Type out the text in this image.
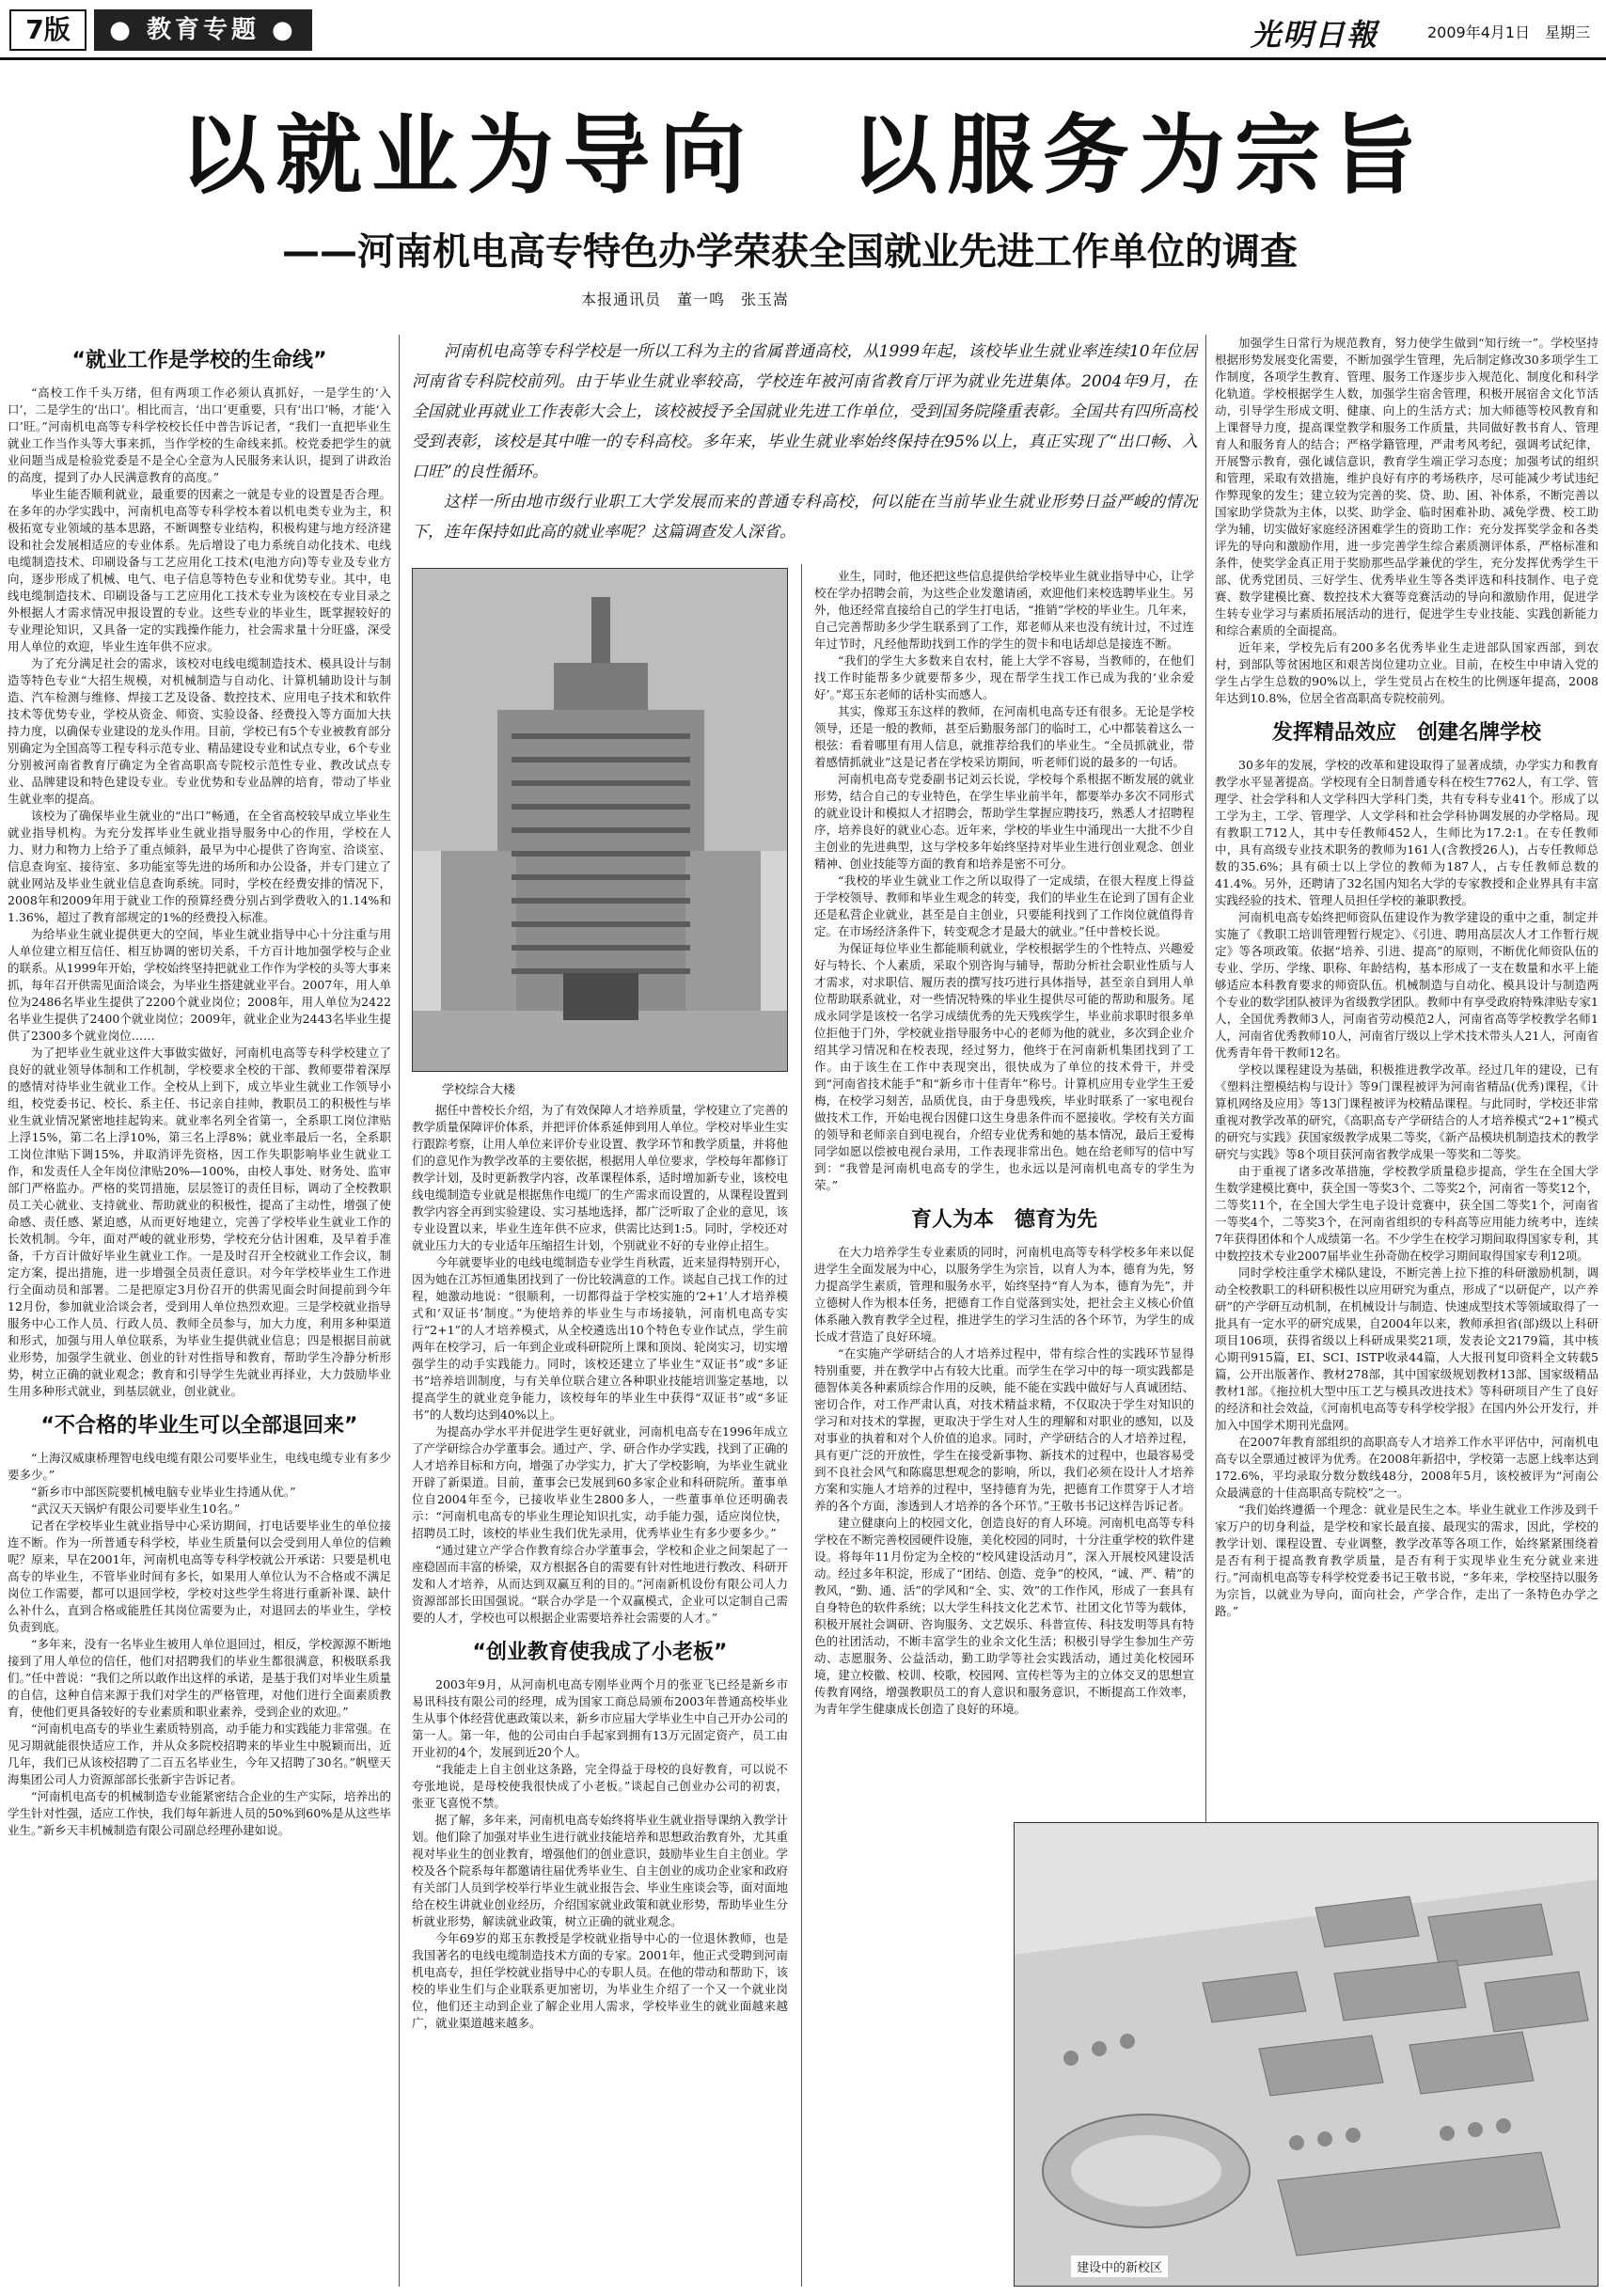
7版	● 教育专题 ●	光明日報	2009年4月1日　星期三
以就业为导向　以服务为宗旨
——河南机电高专特色办学荣获全国就业先进工作单位的调查
本报通讯员　董一鸣　张玉嵩

河南机电高等专科学校是一所以工科为主的省属普通高校，从1999年起，该校毕业生就业率连续10年位居河南省专科院校前列。由于毕业生就业率较高，学校连年被河南省教育厅评为就业先进集体。2004年9月，在全国就业再就业工作表彰大会上，该校被授予全国就业先进工作单位，受到国务院隆重表彰。全国共有四所高校受到表彰，该校是其中唯一的专科高校。多年来，毕业生就业率始终保持在95%以上，真正实现了“出口畅、入口旺”的良性循环。

这样一所由地市级行业职工大学发展而来的普通专科高校，何以能在当前毕业生就业形势日益严峻的情况下，连年保持如此高的就业率呢？这篇调查发人深省。

“就业工作是学校的生命线”

“高校工作千头万绪，但有两项工作必须认真抓好，一是学生的‘入口’，二是学生的‘出口’。相比而言，‘出口’更重要，只有‘出口’畅，才能‘入口’旺。”河南机电高等专科学校校长任中普告诉记者，“我们一直把毕业生就业工作当作头等大事来抓，当作学校的生命线来抓。校党委把学生的就业问题当成是检验党委是不是全心全意为人民服务来认识，提到了讲政治的高度，提到了办人民满意教育的高度。”

毕业生能否顺利就业，最重要的因素之一就是专业的设置是否合理。在多年的办学实践中，河南机电高等专科学校本着以机电类专业为主，积极拓宽专业领域的基本思路，不断调整专业结构，积极构建与地方经济建设和社会发展相适应的专业体系。先后增设了电力系统自动化技术、电线电缆制造技术、印刷设备与工艺应用化工技术(电池方向)等专业及专业方向，逐步形成了机械、电气、电子信息等特色专业和优势专业。其中，电线电缆制造技术、印刷设备与工艺应用化工技术专业为该校在专业目录之外根据人才需求情况申报设置的专业。这些专业的毕业生，既掌握较好的专业理论知识，又具备一定的实践操作能力，社会需求量十分旺盛，深受用人单位的欢迎，毕业生连年供不应求。

为了充分满足社会的需求，该校对电线电缆制造技术、模具设计与制造等特色专业“大招生规模，对机械制造与自动化、计算机辅助设计与制造、汽车检测与维修、焊接工艺及设备、数控技术、应用电子技术和软件技术等优势专业，学校从资金、师资、实验设备、经费投入等方面加大扶持力度，以确保专业建设的龙头作用。目前，学校已有5个专业被教育部分别确定为全国高等工程专科示范专业、精品建设专业和试点专业，6个专业分别被河南省教育厅确定为全省高职高专院校示范性专业、教改试点专业、品牌建设和特色建设专业。专业优势和专业品牌的培育，带动了毕业生就业率的提高。

该校为了确保毕业生就业的“出口”畅通，在全省高校较早成立毕业生就业指导机构。为充分发挥毕业生就业指导服务中心的作用，学校在人力、财力和物力上给予了重点倾斜，最早为中心提供了咨询室、洽谈室、信息查询室、接待室、多功能室等先进的场所和办公设备，并专门建立了就业网站及毕业生就业信息查询系统。同时，学校在经费安排的情况下，2008年和2009年用于就业工作的预算经费分别占到学费收入的1.14%和1.36%，超过了教育部规定的1%的经费投入标准。

为给毕业生就业提供更大的空间，毕业生就业指导中心十分注重与用人单位建立相互信任、相互协调的密切关系，千方百计地加强学校与企业的联系。从1999年开始，学校始终坚持把就业工作作为学校的头等大事来抓，每年召开供需见面洽谈会，为毕业生搭建就业平台。2007年，用人单位为2486名毕业生提供了2200个就业岗位；2008年，用人单位为2422名毕业生提供了2400个就业岗位；2009年，就业企业为2443名毕业生提供了2300多个就业岗位……

为了把毕业生就业这件大事做实做好，河南机电高等专科学校建立了良好的就业领导体制和工作机制，学校要求全校的干部、教师要带着深厚的感情对待毕业生就业工作。全校从上到下，成立毕业生就业工作领导小组，校党委书记、校长、系主任、书记亲自挂帅，教职员工的积极性与毕业生就业情况紧密地挂起钩来。就业率名列全省第一，全系职工岗位津贴上浮15%，第二名上浮10%，第三名上浮8%；就业率最后一名，全系职工岗位津贴下调15%，并取消评先资格，因工作失职影响毕业生就业工作，和发责任人全年岗位津贴20%—100%，由校人事处、财务处、监审部门严格监办。严格的奖罚措施，层层签订的责任目标，调动了全校教职员工关心就业、支持就业、帮助就业的积极性，提高了主动性，增强了使命感、责任感、紧迫感，从而更好地建立，完善了学校毕业生就业工作的长效机制。今年，面对严峻的就业形势，学校充分估计困难，及早着手准备，千方百计做好毕业生就业工作。一是及时召开全校就业工作会议，制定方案，提出措施，进一步增强全员责任意识。对今年学校毕业生工作进行全面动员和部署。二是把原定3月份召开的供需见面会时间提前到今年12月份，参加就业洽谈会者，受到用人单位热烈欢迎。三是学校就业指导服务中心工作人员、行政人员、教师全员参与，加大力度，利用多种渠道和形式，加强与用人单位联系，为毕业生提供就业信息；四是根据目前就业形势，加强学生就业、创业的针对性指导和教育，帮助学生冷静分析形势，树立正确的就业观念；教育和引导学生先就业再择业，大力鼓励毕业生用多种形式就业，到基层就业，创业就业。

“不合格的毕业生可以全部退回来”

“上海汉威康桥理智电线电缆有限公司要毕业生，电线电缆专业有多少要多少。”

“新乡市中部医院要机械电脑专业毕业生持通从优。”

“武汉天天锅炉有限公司要毕业生10名。”

记者在学校毕业生就业指导中心采访期间，打电话要毕业生的单位接连不断。作为一所普通专科学校，毕业生质量何以会受到用人单位的信赖呢？原来，早在2001年，河南机电高等专科学校就公开承诺：只要是机电高专的毕业生，不管毕业时间有多长，如果用人单位认为不合格或不满足岗位工作需要，都可以退回学校，学校对这些学生将进行重新补课、缺什么补什么，直到合格或能胜任其岗位需要为止，对退回去的毕业生，学校负责到底。

“多年来，没有一名毕业生被用人单位退回过，相反，学校源源不断地接到了用人单位的信任，他们对招聘我们的毕业生都很满意，积极联系我们。”任中普说：“我们之所以敢作出这样的承诺，是基于我们对毕业生质量的自信，这种自信来源于我们对学生的严格管理，对他们进行全面素质教育，使他们更具备较好的专业素质和职业素养，受到企业的欢迎。”

“河南机电高专的毕业生素质特别高，动手能力和实践能力非常强。在见习期就能很快适应工作，并从众多院校招聘来的毕业生中脱颖而出，近几年，我们已从该校招聘了二百五名毕业生，今年又招聘了30名。”帆壁天海集团公司人力资源部部长张新宇告诉记者。

“河南机电高专的机械制造专业能紧密结合企业的生产实际，培养出的学生针对性强，适应工作快，我们每年新进人员的50%到60%是从这些毕业生。”新乡天丰机械制造有限公司副总经理孙建如说。

学校综合大楼

据任中普校长介绍，为了有效保障人才培养质量，学校建立了完善的教学质量保障评价体系，并把评价体系延伸到用人单位。学校对毕业生实行跟踪考察，让用人单位来评价专业设置、教学环节和教学质量，并将他们的意见作为教学改革的主要依据，根据用人单位要求，学校每年都修订教学计划，及时更新教学内容，改革课程体系，适时增加新专业，该校电线电缆制造专业就是根据焦作电缆厂的生产需求而设置的，从课程设置到教学内容全再到实验建设、实习基地选择，都广泛听取了企业的意见，该专业设置以来，毕业生连年供不应求，供需比达到1:5。同时，学校还对就业压力大的专业适年压缩招生计划，个别就业不好的专业停止招生。

今年就要毕业的电线电缆制造专业学生肖秋霞，近来显得特别开心，因为她在江苏恒通集团找到了一份比较满意的工作。谈起自己找工作的过程，她激动地说：“很顺利，一切都得益于学校实施的‘2+1’人才培养模式和‘双证书’制度。”为使培养的毕业生与市场接轨，河南机电高专实行“2+1”的人才培养模式，从全校遴选出10个特色专业作试点，学生前两年在校学习，后一年到企业或科研院所上课和顶岗、轮岗实习，切实增强学生的动手实践能力。同时，该校还建立了毕业生“双证书”或“多证书”培养培训制度，与有关单位联合建立各种职业技能培训鉴定基地，以提高学生的就业竞争能力，该校每年的毕业生中获得“双证书”或“多证书”的人数均达到40%以上。

为提高办学水平并促进学生更好就业，河南机电高专在1996年成立了产学研综合办学董事会。通过产、学、研合作办学实践，找到了正确的人才培养目标和方向，增强了办学实力，扩大了学校影响，为毕业生就业开辟了新渠道。目前，董事会已发展到60多家企业和科研院所。董事单位自2004年至今，已接收毕业生2800多人，一些董事单位还明确表示：“河南机电高专的毕业生理论知识扎实，动手能力强，适应岗位快，招聘员工时，该校的毕业生我们优先录用，优秀毕业生有多少要多少。”

“通过建立产学合作教育综合办学董事会，学校和企业之间架起了一座稳固而丰富的桥梁，双方根据各自的需要有针对性地进行教改、科研开发和人才培养，从而达到双赢互利的目的。”河南新机设份有限公司人力资源部部长田国强说。“联合办学是一个双赢模式，企业可以定制自己需要的人才，学校也可以根据企业需要培养社会需要的人才。”

“创业教育使我成了小老板”

2003年9月，从河南机电高专刚毕业两个月的张亚飞已经是新乡市易讯科技有限公司的经理，成为国家工商总局颁布2003年普通高校毕业生从事个体经营优惠政策以来，新乡市应届大学毕业生中自己开办公司的第一人。第一年，他的公司由白手起家到拥有13万元固定资产，员工由开业初的4个，发展到近20个人。

“我能走上自主创业这条路，完全得益于母校的良好教育，可以说不夸张地说，是母校使我很快成了小老板。”谈起自己创业办公司的初衷，张亚飞喜悦不禁。

据了解，多年来，河南机电高专始终将毕业生就业指导课纳入教学计划。他们除了加强对毕业生进行就业技能培养和思想政治教育外，尤其重视对毕业生的创业教育，增强他们的创业意识，鼓励毕业生自主创业。学校及各个院系每年都邀请往届优秀毕业生、自主创业的成功企业家和政府有关部门人员到学校举行毕业生就业报告会、毕业生座谈会等，面对面地给在校生讲就业创业经历，介绍国家就业政策和就业形势，帮助毕业生分析就业形势，解读就业政策，树立正确的就业观念。

今年69岁的郑玉东教授是学校就业指导中心的一位退休教师，也是我国著名的电线电缆制造技术方面的专家。2001年，他正式受聘到河南机电高专，担任学校就业指导中心的专职人员。在他的带动和帮助下，该校的毕业生们与企业联系更加密切，为毕业生介绍了一个又一个就业岗位，他们还主动到企业了解企业用人需求，学校毕业生的就业面越来越广，就业渠道越来越多。

业生，同时，他还把这些信息提供给学校毕业生就业指导中心，让学校在学办招聘会前，为这些企业发邀请函，欢迎他们来校选聘毕业生。另外，他还经常直接给自己的学生打电话，“推销”学校的毕业生。几年来，自己完善帮助多少学生联系到了工作，郑老师从来也没有统计过，不过连年过节时，凡经他帮助找到工作的学生的贺卡和电话却总是接连不断。

“我们的学生大多数来自农村，能上大学不容易，当教师的，在他们找工作时能帮多少就要帮多少，现在帮学生找工作已成为我的‘业余爱好’。”郑玉东老师的话朴实而感人。

其实，像郑玉东这样的教师，在河南机电高专还有很多。无论是学校领导，还是一般的教师，甚至后勤服务部门的临时工，心中都装着这么一根弦：看着哪里有用人信息，就推荐给我们的毕业生。“全员抓就业，带着感情抓就业”这是记者在学校采访期间，听老师们说的最多的一句话。

河南机电高专党委副书记刘云长说，学校每个系根据不断发展的就业形势，结合自己的专业特色，在学生毕业前半年，都要举办多次不同形式的就业设计和模拟人才招聘会，帮助学生掌握应聘技巧，熟悉人才招聘程序，培养良好的就业心态。近年来，学校的毕业生中涌现出一大批不少自主创业的先进典型，这与学校多年始终坚持对毕业生进行创业观念、创业精神、创业技能等方面的教育和培养是密不可分。

“我校的毕业生就业工作之所以取得了一定成绩，在很大程度上得益于学校领导、教师和毕业生观念的转变，我们的毕业生在论到了国有企业还是私营企业就业，甚至是自主创业，只要能利找到了工作岗位就值得肯定。在市场经济条件下，转变观念才是最大的就业。”任中普校长说。

为保证每位毕业生都能顺利就业，学校根据学生的个性特点、兴趣爱好与特长、个人素质，采取个别咨询与辅导，帮助分析社会职业性质与人才需求，对求职信、履历表的撰写技巧进行具体指导，甚至亲自到用人单位帮助联系就业，对一些情况特殊的毕业生提供尽可能的帮助和服务。尾成永同学是该校一名学习成绩优秀的先天残疾学生，毕业前求职时很多单位拒他于门外，学校就业指导服务中心的老师为他的就业，多次到企业介绍其学习情况和在校表现，经过努力，他终于在河南新机集团找到了工作。由于该生在工作中表现突出，很快成为了单位的技术骨干，并受到“河南省技术能手”和“新乡市十佳青年”称号。计算机应用专业学生王爱梅，在校学习刻苦，品质优良，由于身患残疾，毕业时联系了一家电视台做技术工作，开始电视台因健口这生身患条件而不愿接收。学校有关方面的领导和老师亲自到电视台，介绍专业优秀和她的基本情况，最后王爱梅同学如愿以偿被电视台录用，工作表现非常出色。她在给老师写的信中写到：“我曾是河南机电高专的学生，也永远以是河南机电高专的学生为荣。”

育人为本　德育为先

在大力培养学生专业素质的同时，河南机电高等专科学校多年来以促进学生全面发展为中心，以服务学生为宗旨，以育人为本，德育为先，努力提高学生素质，管理和服务水平，始终坚持“育人为本，德育为先”，并立德树人作为根本任务，把德育工作自觉落到实处，把社会主义核心价值体系融入教育教学全过程，推进学生的学习生活的各个环节，为学生的成长成才营造了良好环境。

“在实施产学研结合的人才培养过程中，带有综合性的实践环节显得特别重要，并在教学中占有较大比重。而学生在学习中的每一项实践都是德智体美各种素质综合作用的反映，能不能在实践中做好与人真诚团结、密切合作，对工作严肃认真，对技术精益求精，不仅取决于学生对知识的学习和对技术的掌握，更取决于学生对人生的理解和对职业的感知，以及对事业的执着和对个人价值的追求。同时，产学研结合的人才培养过程，具有更广泛的开放性，学生在接受新事物、新技术的过程中，也最容易受到不良社会风气和陈腐思想观念的影响，所以，我们必须在设计人才培养方案和实施人才培养的过程中，坚持德育为先，把德育工作贯穿于人才培养的各个方面，渗透到人才培养的各个环节。”王敬书书记这样告诉记者。

建立健康向上的校园文化，创造良好的育人环境。河南机电高等专科学校在不断完善校园硬件设施，美化校园的同时，十分注重学校的软件建设。将每年11月份定为全校的“校风建设活动月”，深入开展校风建设活动。经过多年积淀，形成了“团结、创造、竞争”的校风，“诚、严、精”的教风，“勤、通、活”的学风和“全、实、效”的工作作风，形成了一套具有自身特色的软件系统；以大学生科技文化艺术节、社团文化节等为载体，积极开展社会调研、咨询服务、文艺娱乐、科普宣传、科技发明等具有特色的社团活动，不断丰富学生的业余文化生活；积极引导学生参加生产劳动、志愿服务、公益活动，勤工助学等社会实践活动，通过美化校园环境，建立校徽、校训、校歌，校园网、宣传栏等为主的立体交叉的思想宣传教育网络，增强教职员工的育人意识和服务意识，不断提高工作效率，为青年学生健康成长创造了良好的环境。

加强学生日常行为规范教育，努力使学生做到“知行统一”。学校坚持根据形势发展变化需要，不断加强学生管理，先后制定修改30多项学生工作制度，各项学生教育、管理、服务工作逐步步入规范化、制度化和科学化轨道。学校根据学生人数，加强学生宿舍管理，积极开展宿舍文化节活动，引导学生形成文明、健康、向上的生活方式；加大师德等校风教育和上课督导力度，提高课堂教学和服务工作质量，共同做好教书育人、管理育人和服务育人的结合；严格学籍管理，严肃考风考纪，强调考试纪律，开展警示教育，强化诚信意识，教育学生端正学习态度；加强考试的组织和管理，采取有效措施，维护良好有序的考场秩序，尽可能减少考试违纪作弊现象的发生；建立较为完善的奖、贷、助、困、补体系，不断完善以国家助学贷款为主体，以奖、助学金、临时困难补助、减免学费、校工助学为辅，切实做好家庭经济困难学生的资助工作：充分发挥奖学金和各类评先的导向和激励作用，进一步完善学生综合素质测评体系，严格标准和条件，使奖学金真正用于奖励那些品学兼优的学生，充分发挥优秀学生干部、优秀党团员、三好学生、优秀毕业生等各类评选和科技制作、电子竞赛、数学建模比赛、数控技术大赛等竞赛活动的导向和激励作用，促进学生转专业学习与素质拓展活动的进行，促进学生专业技能、实践创新能力和综合素质的全面提高。

近年来，学校先后有200多名优秀毕业生走进部队国家西部，到农村，到部队等贫困地区和艰苦岗位建功立业。目前，在校生中申请入党的学生占学生总数的90%以上，学生党员占在校生的比例逐年提高，2008年达到10.8%，位居全省高职高专院校前列。

发挥精品效应　创建名牌学校

30多年的发展，学校的改革和建设取得了显著成绩，办学实力和教育教学水平显著提高。学校现有全日制普通专科在校生7762人，有工学、管理学、社会学科和人文学科四大学科门类，共有专科专业41个。形成了以工学为主，工学、管理学、人文学科和社会学科协调发展的办学格局。现有教职工712人，其中专任教师452人，生师比为17.2:1。在专任教师中，具有高级专业技术职务的教师为161人(含教授26人)，占专任教师总数的35.6%；具有硕士以上学位的教师为187人，占专任教师总数的41.4%。另外，还聘请了32名国内知名大学的专家教授和企业界具有丰富实践经验的技术、管理人员担任学校的兼职教授。

河南机电高专始终把师资队伍建设作为教学建设的重中之重，制定并实施了《教职工培训管理暂行规定》、《引进、聘用高层次人才工作暂行规定》等各项政策。依据“培养、引进、提高”的原则，不断优化师资队伍的专业、学历、学缘、职称、年龄结构，基本形成了一支在数量和水平上能够适应本科教育要求的师资队伍。机械制造与自动化、模具设计与制造两个专业的数学团队被评为省级教学团队。教师中有享受政府特殊津贴专家1人，全国优秀教师3人，河南省劳动模范2人，河南省高等学校教学名师1人，河南省优秀教师10人，河南省厅级以上学术技术带头人21人，河南省优秀青年骨干教师12名。

学校以课程建设为基础，积极推进教学改革。经过几年的建设，已有《塑料注塑模结构与设计》等9门课程被评为河南省精品(优秀)课程，《计算机网络及应用》等13门课程被评为校精品课程。与此同时，学校还非常重视对教学改革的研究，《高职高专产学研结合的人才培养模式“2+1”模式的研究与实践》获国家级教学成果二等奖，《新产品模块机制造技术的教学研究与实践》等8个项目获河南省教学成果一等奖和二等奖。

由于重视了诸多改革措施，学校教学质量稳步提高，学生在全国大学生数学建模比赛中，获全国一等奖3个、二等奖2个，河南省一等奖12个，二等奖11个，在全国大学生电子设计竞赛中，获全国二等奖1个，河南省一等奖4个，二等奖3个，在河南省组织的专科高等应用能力统考中，连续7年获得团体和个人成绩第一名。不少学生在校学习期间取得国家专利，其中数控技术专业2007届毕业生孙奇勋在校学习期间取得国家专利12项。

同时学校注重学术梯队建设，不断完善上拉下推的科研激励机制，调动全校教职工的科研积极性以应用研究为重点，形成了“以研促产，以产养研”的产学研互动机制，在机械设计与制造、快速成型技术等领域取得了一批具有一定水平的研究成果，自2004年以来，教师承担省(部)级以上科研项目106项，获得省级以上科研成果奖21项，发表论文2179篇，其中核心期刊915篇，EI、SCI、ISTP收录44篇，人大报刊复印资料全文转载5篇，公开出版著作、教材278部，其中国家级规划教材13部、国家级精品教材1部。《拖拉机大型中压工艺与模具改进技术》等科研项目产生了良好的经济和社会效益，《河南机电高等专科学校学报》在国内外公开发行，并加入中国学术期刊光盘网。

在2007年教育部组织的高职高专人才培养工作水平评估中，河南机电高专以全票通过被评为优秀。在2008年新招中，学校第一志愿上线率达到172.6%，平均录取分数分数线48分，2008年5月，该校被评为“河南公众最满意的十佳高职高专院校”之一。

“我们始终遵循一个理念：就业是民生之本。毕业生就业工作涉及到千家万户的切身利益，是学校和家长最直接、最现实的需求，因此，学校的教学计划、课程设置、专业调整，教学改革等各项工作，始终紧紧围绕着是否有利于提高教育教学质量，是否有利于实现毕业生充分就业来进行。”河南机电高等专科学校党委书记王敬书说，“多年来，学校坚持以服务为宗旨，以就业为导向，面向社会，产学合作，走出了一条特色办学之路。”

建设中的新校区
